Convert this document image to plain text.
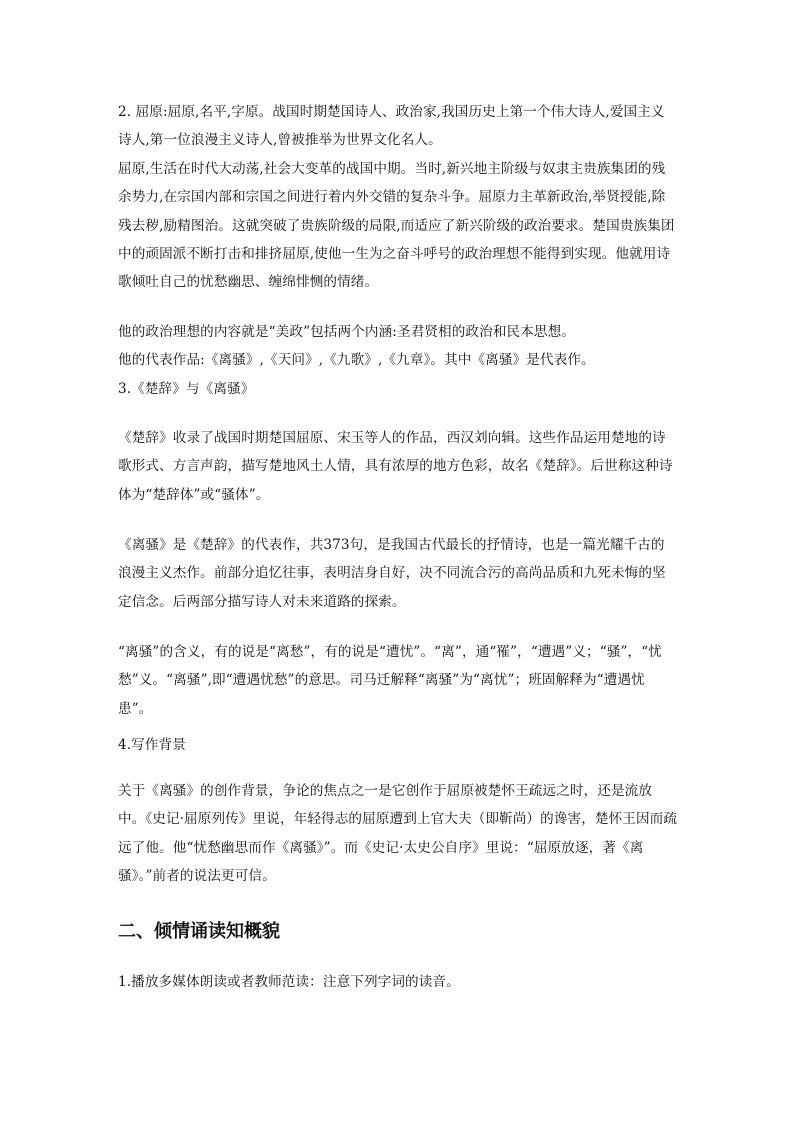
2. 屈原:屈原,名平,字原。战国时期楚国诗人、政治家,我国历史上第一个伟大诗人,爱国主义诗人,第一位浪漫主义诗人,曾被推举为世界文化名人。

屈原,生活在时代大动荡,社会大变革的战国中期。当时,新兴地主阶级与奴隶主贵族集团的残余势力,在宗国内部和宗国之间进行着内外交错的复杂斗争。屈原力主革新政治,举贤授能,除残去秽,励精图治。这就突破了贵族阶级的局限,而适应了新兴阶级的政治要求。楚国贵族集团中的顽固派不断打击和排挤屈原,使他一生为之奋斗呼号的政治理想不能得到实现。他就用诗歌倾吐自己的忧愁幽思、缠绵悱恻的情绪。

他的政治理想的内容就是“美政”包括两个内涵:圣君贤相的政治和民本思想。

他的代表作品:《离骚》,《天问》,《九歌》,《九章》。其中《离骚》是代表作。

3.《楚辞》与《离骚》

《楚辞》收录了战国时期楚国屈原、宋玉等人的作品，西汉刘向辑。这些作品运用楚地的诗歌形式、方言声韵，描写楚地风土人情，具有浓厚的地方色彩，故名《楚辞》。后世称这种诗体为“楚辞体”或“骚体”。

《离骚》是《楚辞》的代表作，共373句，是我国古代最长的抒情诗，也是一篇光耀千古的浪漫主义杰作。前部分追忆往事，表明洁身自好，决不同流合污的高尚品质和九死未悔的坚定信念。后两部分描写诗人对未来道路的探索。

“离骚”的含义，有的说是“离愁”，有的说是“遭忧”。“离”，通“罹”，“遭遇”义；“骚”，“忧愁”义。“离骚”,即“遭遇忧愁”的意思。司马迁解释“离骚”为“离忧”；班固解释为“遭遇忧患”。

4.写作背景

关于《离骚》的创作背景，争论的焦点之一是它创作于屈原被楚怀王疏远之时，还是流放中。《史记·屈原列传》里说，年轻得志的屈原遭到上官大夫（即靳尚）的谗害，楚怀王因而疏远了他。他“忧愁幽思而作《离骚》”。而《史记·太史公自序》里说：“屈原放逐，著《离骚》。”前者的说法更可信。

二、倾情诵读知概貌

1.播放多媒体朗读或者教师范读：注意下列字词的读音。
